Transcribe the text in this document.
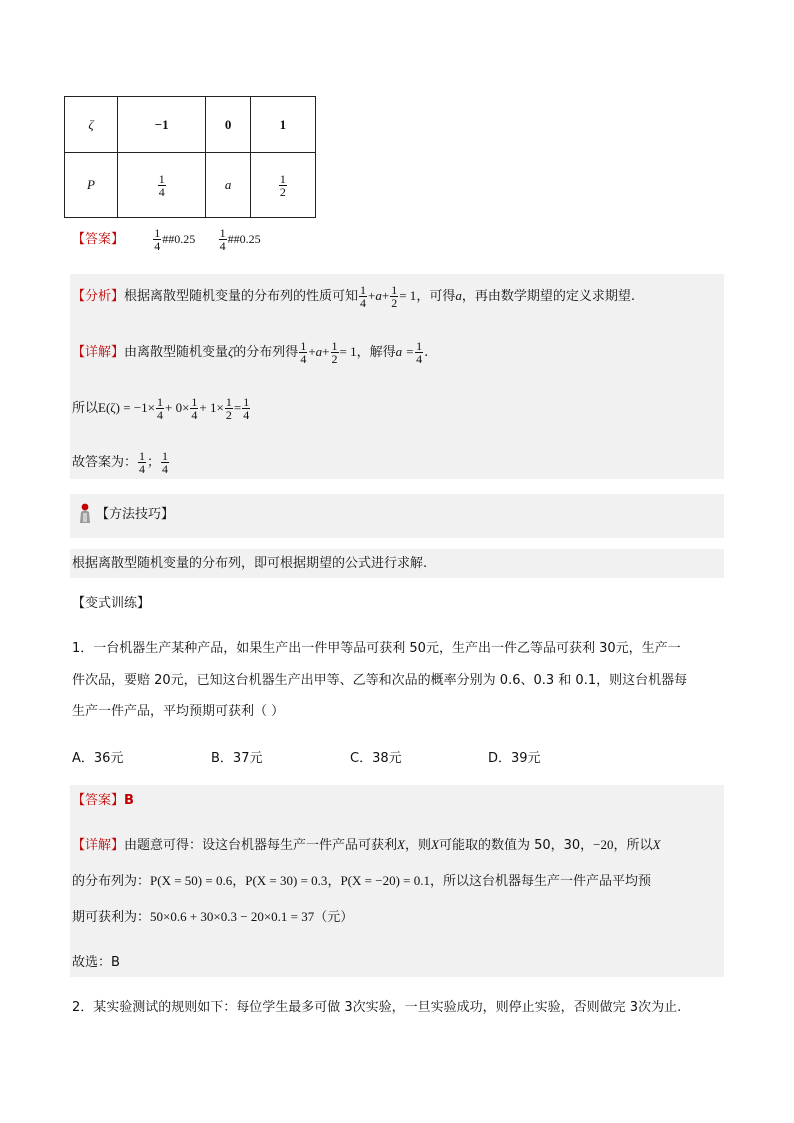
ζ	−1	0	1
P	$\frac{1}{4}$	a	$\frac{1}{2}$
【答案】 $\frac{1}{4}$ ##0.25 $\frac{1}{4}$ ##0.25
【分析】根据离散型随机变量的分布列的性质可知 $\frac{1}{4} +a+ \frac{1}{2} = 1$，可得a，再由数学期望的定义求期望.
【详解】由离散型随机变量ζ的分布列得 $\frac{1}{4} +a+ \frac{1}{2} = 1$，解得$a = \frac{1}{4}$ .
所以$E(\zeta) = -1\times \frac{1}{4} + 0\times \frac{1}{4} + 1\times \frac{1}{2} = \frac{1}{4}$
故答案为： $\frac{1}{4}$ ； $\frac{1}{4}$
【方法技巧】
根据离散型随机变量的分布列，即可根据期望的公式进行求解.
【变式训练】
1．一台机器生产某种产品，如果生产出一件甲等品可获利 50元，生产出一件乙等品可获利 30元，生产一
件次品，要赔 20元，已知这台机器生产出甲等、乙等和次品的概率分别为 0.6、0.3 和 0.1，则这台机器每
生产一件产品，平均预期可获利（ ）
A．36元	B．37元	C．38元	D．39元
【答案】B
【详解】由题意可得：设这台机器每生产一件产品可获利X，则X可能取的数值为 50，30，−20，所以X
的分布列为：P(X = 50) = 0.6，P(X = 30) = 0.3，P(X = −20) = 0.1，所以这台机器每生产一件产品平均预
期可获利为：50×0.6 + 30×0.3 − 20×0.1 = 37（元）
故选：B
2．某实验测试的规则如下：每位学生最多可做 3次实验，一旦实验成功，则停止实验，否则做完 3次为止.
